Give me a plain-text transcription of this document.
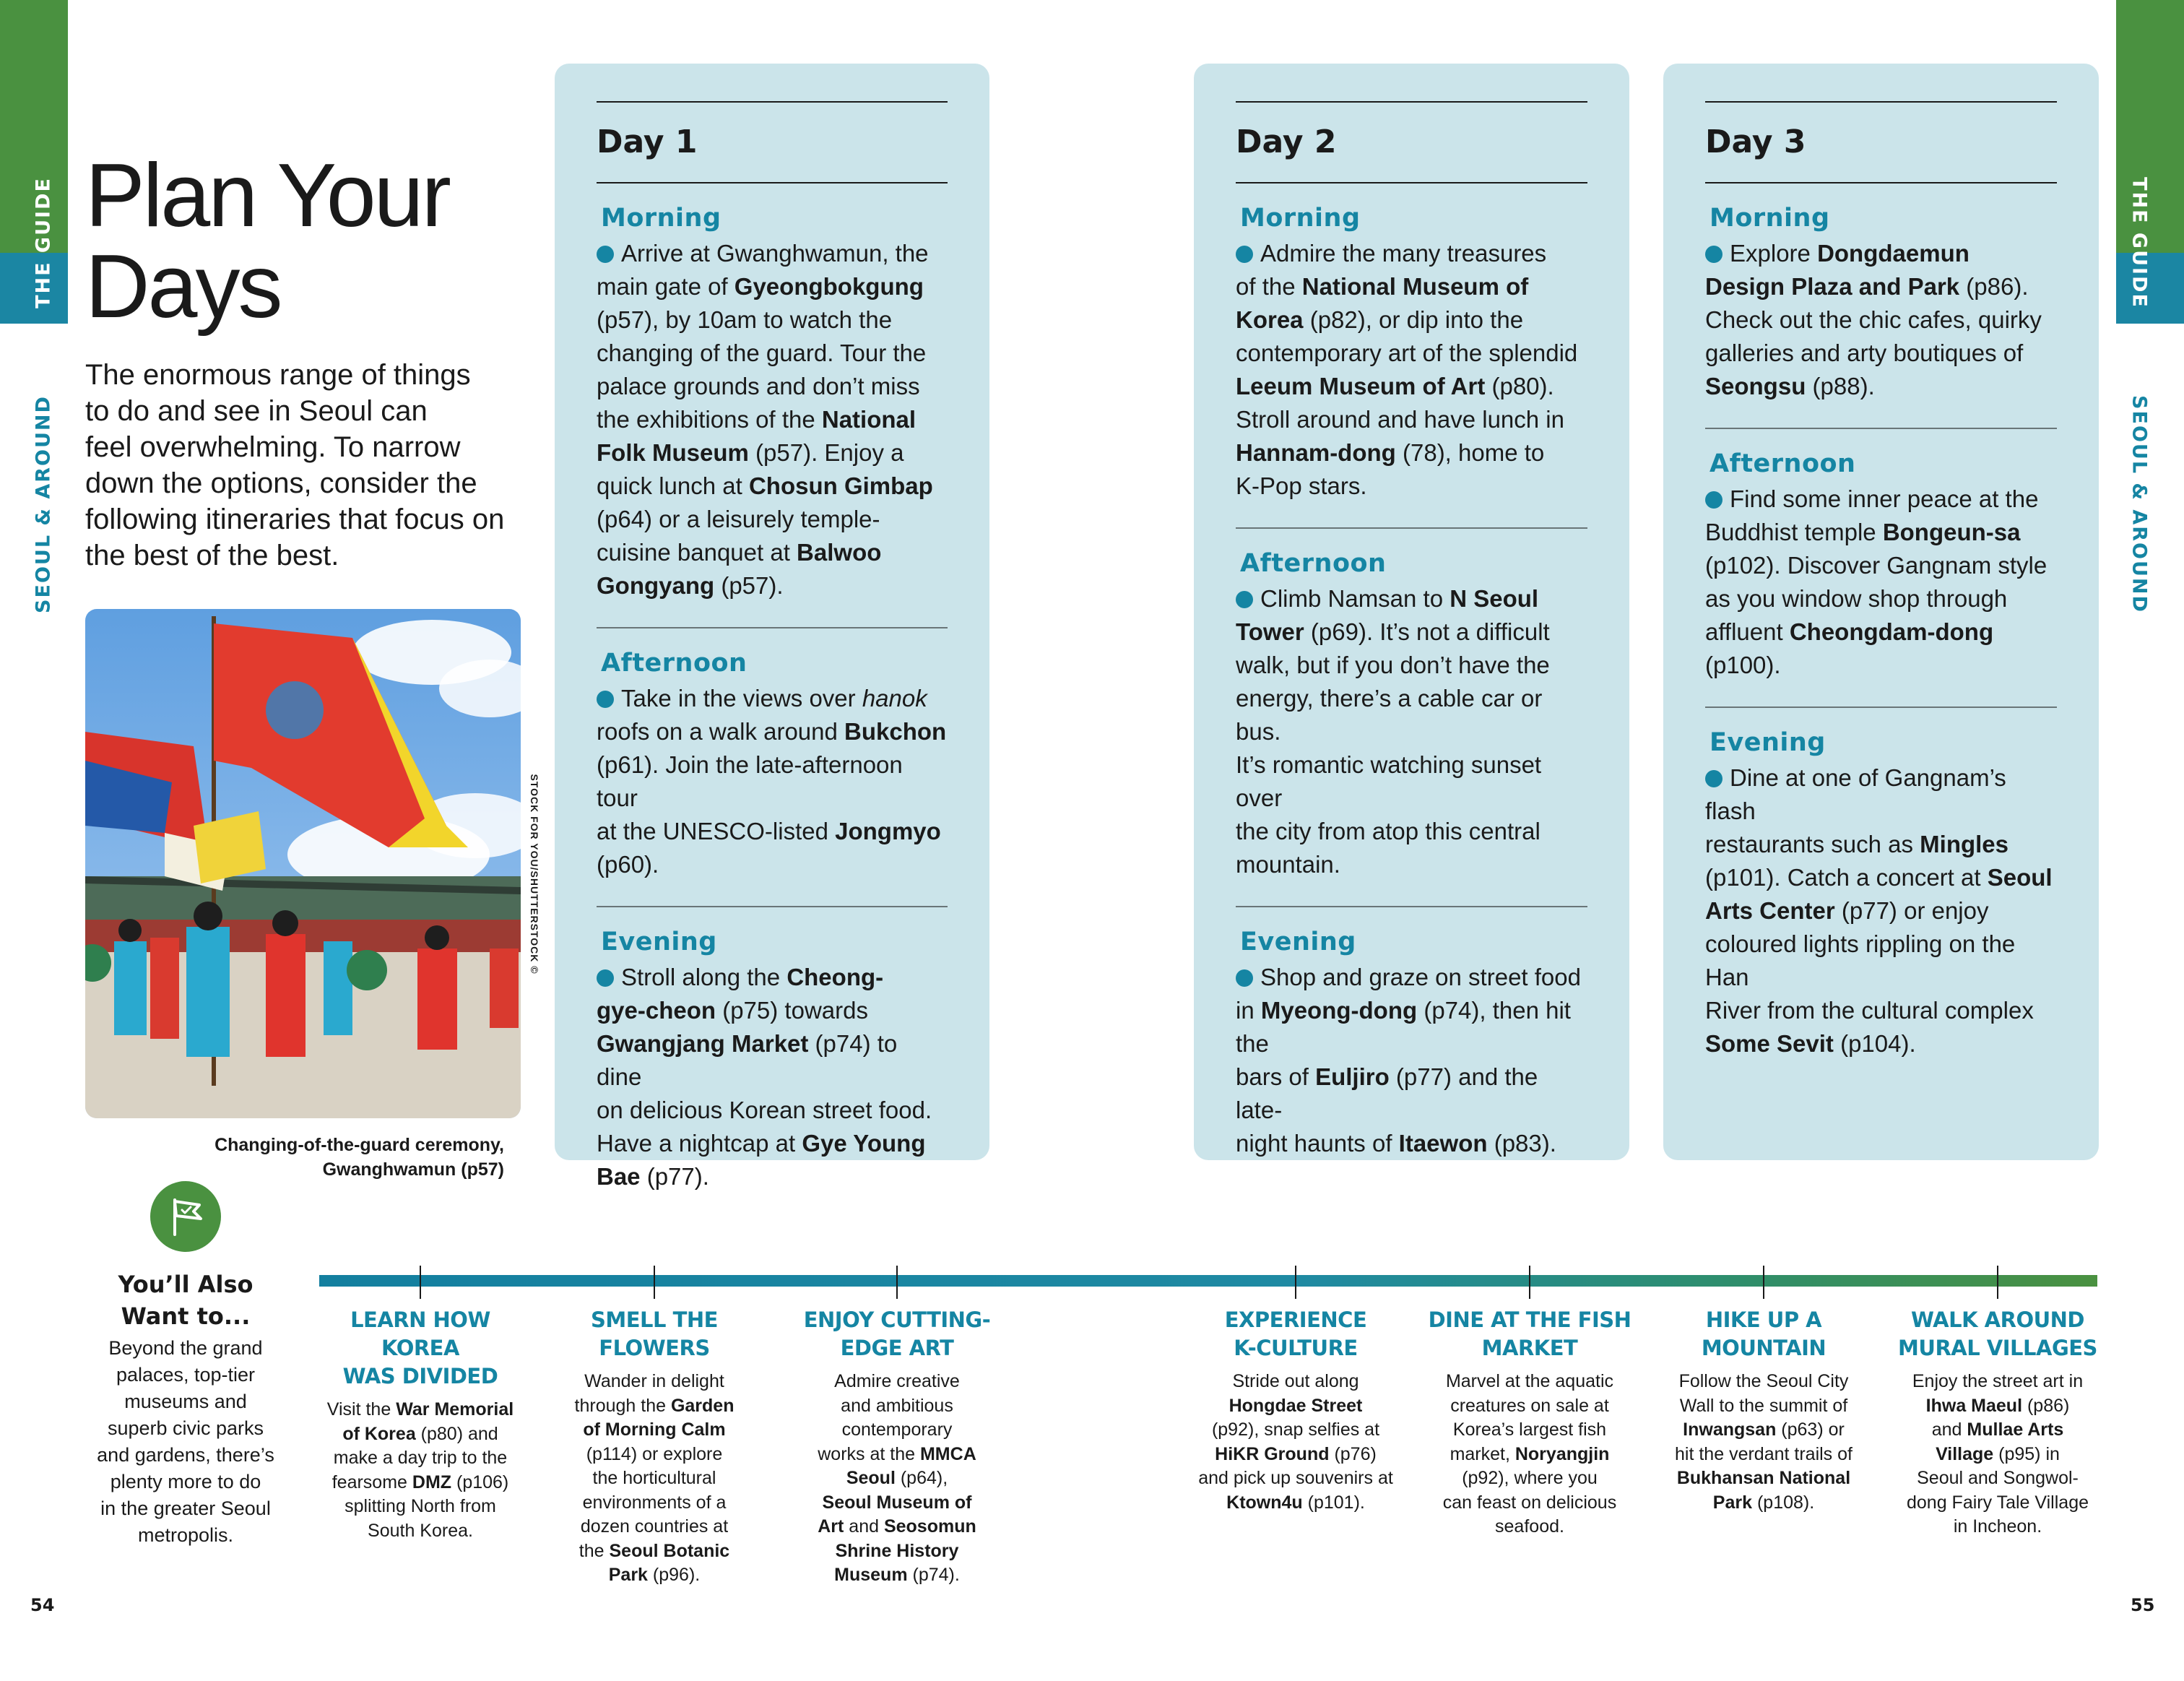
THE GUIDE
SEOUL & AROUND
THE GUIDE
SEOUL & AROUND
Plan Your
Days

The enormous range of things
to do and see in Seoul can
feel overwhelming. To narrow
down the options, consider the
following itineraries that focus on
the best of the best.

STOCK FOR YOU/SHUTTERSTOCK ©
Changing-of-the-guard ceremony,
Gwanghwamun (p57)
Day 1
Morning

Arrive at Gwanghwamun, the
main gate of Gyeongbokgung
(p57), by 10am to watch the
changing of the guard. Tour the
palace grounds and don’t miss
the exhibitions of the National
Folk Museum (p57). Enjoy a
quick lunch at Chosun Gimbap
(p64) or a leisurely temple-
cuisine banquet at Balwoo
Gongyang (p57).

Afternoon

Take in the views over hanok
roofs on a walk around Bukchon
(p61). Join the late-afternoon tour
at the UNESCO-listed Jongmyo
(p60).

Evening

Stroll along the Cheong-
gye-cheon (p75) towards
Gwangjang Market (p74) to dine
on delicious Korean street food.
Have a nightcap at Gye Young
Bae (p77).

Day 2
Morning

Admire the many treasures
of the National Museum of
Korea (p82), or dip into the
contemporary art of the splendid
Leeum Museum of Art (p80).
Stroll around and have lunch in
Hannam-dong (78), home to
K-Pop stars.

Afternoon

Climb Namsan to N Seoul
Tower (p69). It’s not a difficult
walk, but if you don’t have the
energy, there’s a cable car or bus.
It’s romantic watching sunset over
the city from atop this central
mountain.

Evening

Shop and graze on street food
in Myeong-dong (p74), then hit the
bars of Euljiro (p77) and the late-
night haunts of Itaewon (p83).

Day 3
Morning

Explore Dongdaemun
Design Plaza and Park (p86).
Check out the chic cafes, quirky
galleries and arty boutiques of
Seongsu (p88).

Afternoon

Find some inner peace at the
Buddhist temple Bongeun-sa
(p102). Discover Gangnam style
as you window shop through
affluent Cheongdam-dong (p100).

Evening

Dine at one of Gangnam’s flash
restaurants such as Mingles
(p101). Catch a concert at Seoul
Arts Center (p77) or enjoy
coloured lights rippling on the Han
River from the cultural complex
Some Sevit (p104).

You’ll Also
Want to...
Beyond the grand
palaces, top-tier
museums and
superb civic parks
and gardens, there’s
plenty more to do
in the greater Seoul
metropolis.
LEARN HOW KOREA
WAS DIVIDED
Visit the War Memorial
of Korea (p80) and
make a day trip to the
fearsome DMZ (p106)
splitting North from
South Korea.
SMELL THE
FLOWERS
Wander in delight
through the Garden
of Morning Calm
(p114) or explore
the horticultural
environments of a
dozen countries at
the Seoul Botanic
Park (p96).
ENJOY CUTTING-
EDGE ART
Admire creative
and ambitious
contemporary
works at the MMCA
Seoul (p64),
Seoul Museum of
Art and Seosomun
Shrine History
Museum (p74).
EXPERIENCE
K-CULTURE
Stride out along
Hongdae Street
(p92), snap selfies at
HiKR Ground (p76)
and pick up souvenirs at
Ktown4u (p101).
DINE AT THE FISH
MARKET
Marvel at the aquatic
creatures on sale at
Korea’s largest fish
market, Noryangjin
(p92), where you
can feast on delicious
seafood.
HIKE UP A
MOUNTAIN
Follow the Seoul City
Wall to the summit of
Inwangsan (p63) or
hit the verdant trails of
Bukhansan National
Park (p108).
WALK AROUND
MURAL VILLAGES
Enjoy the street art in
Ihwa Maeul (p86)
and Mullae Arts
Village (p95) in
Seoul and Songwol-
dong Fairy Tale Village
in Incheon.
54	55
